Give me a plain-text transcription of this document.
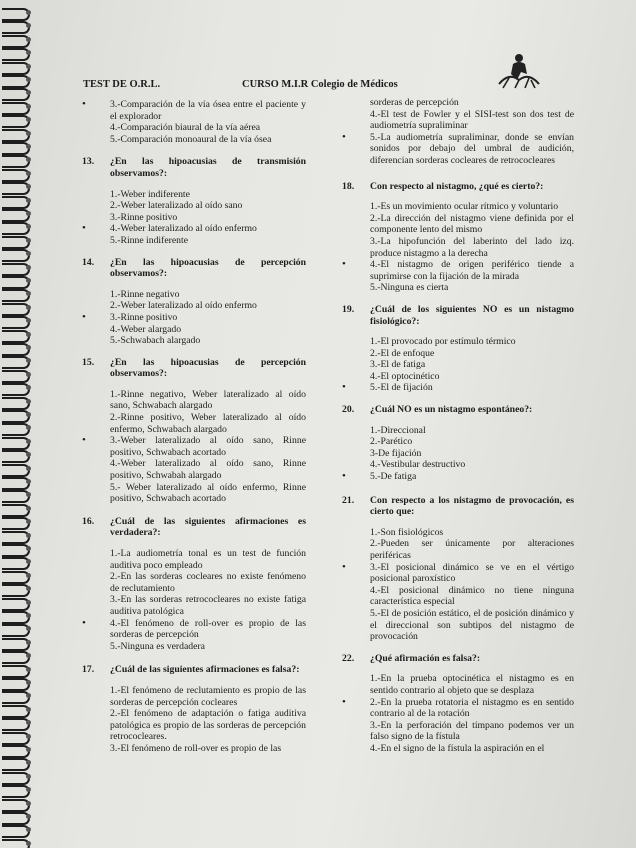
TEST DE O.R.L.	CURSO M.I.R Colegio de Médicos
• 3.-Comparación de la vía ósea entre el paciente y el explorador
4.-Comparación biaural de la vía aérea
5.-Comparación monoaural de la vía ósea
13. ¿En las hipoacusias de transmisión observamos?:
1.-Weber indiferente
2.-Weber lateralizado al oído sano
3.-Rinne positivo
• 4.-Weber lateralizado al oído enfermo
5.-Rinne indiferente
14. ¿En las hipoacusias de percepción observamos?:
1.-Rinne negativo
2.-Weber lateralizado al oído enfermo
• 3.-Rinne positivo
4.-Weber alargado
5.-Schwabach alargado
15. ¿En las hipoacusias de percepción observamos?:
1.-Rinne negativo, Weber lateralizado al oído sano, Schwabach alargado
2.-Rinne positivo, Weber lateralizado al oído enfermo, Schwabach alargado
• 3.-Weber lateralizado al oído sano, Rinne positivo, Schwabach acortado
4.-Weber lateralizado al oído sano, Rinne positivo, Schwabah alargado
5.- Weber lateralizado al oído enfermo, Rinne positivo, Schwabach acortado
16. ¿Cuál de las siguientes afirmaciones es verdadera?:
1.-La audiometría tonal es un test de función auditiva poco empleado
2.-En las sorderas cocleares no existe fenómeno de reclutamiento
3.-En las sorderas retrococleares no existe fatiga auditiva patológica
• 4.-El fenómeno de roll-over es propio de las sorderas de percepción
5.-Ninguna es verdadera
17. ¿Cuál de las siguientes afirmaciones es falsa?:
1.-El fenómeno de reclutamiento es propio de las sorderas de percepción cocleares
2.-El fenómeno de adaptación o fatiga auditiva patológica es propio de las sorderas de percepción retrococleares.
3.-El fenómeno de roll-over es propio de las
sorderas de percepción
4.-El test de Fowler y el SISI-test son dos test de audiometría supraliminar
• 5.-La audiometría supraliminar, donde se envían sonidos por debajo del umbral de audición, diferencian sorderas cocleares de retrococleares
18. Con respecto al nistagmo, ¿qué es cierto?:
1.-Es un movimiento ocular rítmico y voluntario
2.-La dirección del nistagmo viene definida por el componente lento del mismo
3.-La hipofunción del laberinto del lado izq. produce nistagmo a la derecha
• 4.-El nistagmo de origen periférico tiende a suprimirse con la fijación de la mirada
5.-Ninguna es cierta
19. ¿Cuál de los siguientes NO es un nistagmo fisiológico?:
1.-El provocado por estímulo térmico
2.-El de enfoque
3.-El de fatiga
4.-El optocinético
• 5.-El de fijación
20. ¿Cuál NO es un nistagmo espontáneo?:
1.-Direccional
2.-Parético
3-De fijación
4.-Vestibular destructivo
• 5.-De fatiga
21. Con respecto a los nistagmo de provocación, es cierto que:
1.-Son fisiológicos
2.-Pueden ser únicamente por alteraciones periféricas
• 3.-El posicional dinámico se ve en el vértigo posicional paroxístico
4.-El posicional dinámico no tiene ninguna característica especial
5.-El de posición estático, el de posición dinámico y el direccional son subtipos del nistagmo de provocación
22. ¿Qué afirmación es falsa?:
1.-En la prueba optocinética el nistagmo es en sentido contrario al objeto que se desplaza
• 2.-En la prueba rotatoria el nistagmo es en sentido contrario al de la rotación
3.-En la perforación del tímpano podemos ver un falso signo de la fístula
4.-En el signo de la fístula la aspiración en el
